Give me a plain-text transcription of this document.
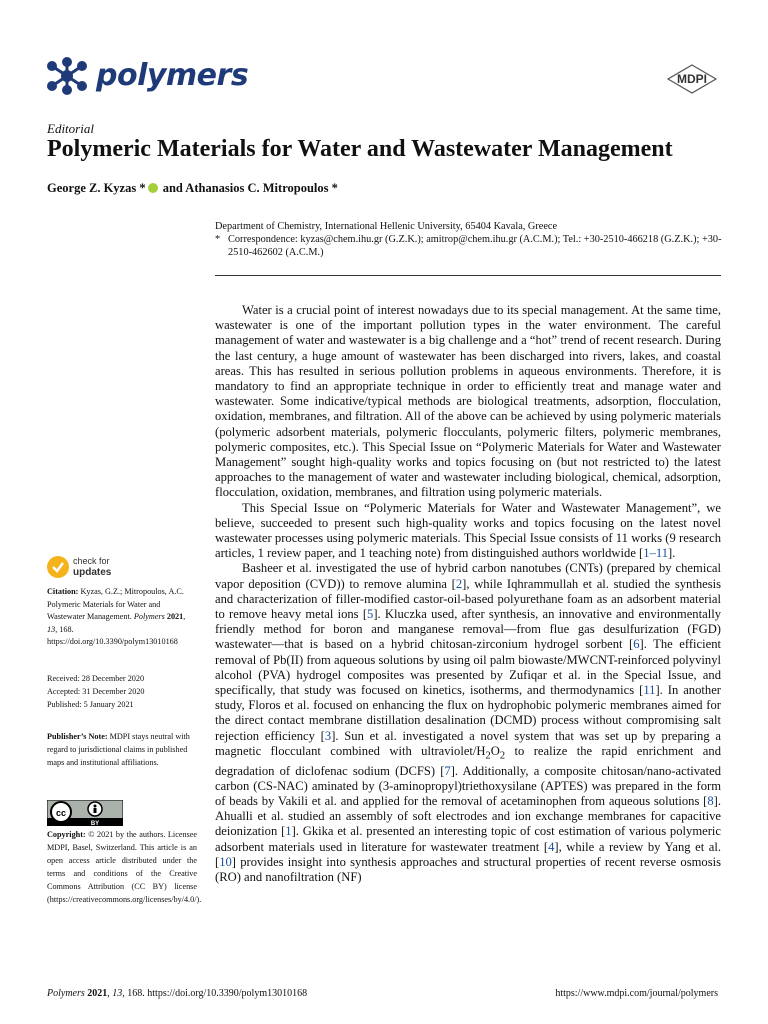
polymers	MDPI
Editorial
Polymeric Materials for Water and Wastewater Management
George Z. Kyzas * and Athanasios C. Mitropoulos *
Department of Chemistry, International Hellenic University, 65404 Kavala, Greece
* Correspondence: kyzas@chem.ihu.gr (G.Z.K.); amitrop@chem.ihu.gr (A.C.M.); Tel.: +30-2510-466218 (G.Z.K.); +30-2510-462602 (A.C.M.)
check for
updates
Citation: Kyzas, G.Z.; Mitropoulos, A.C. Polymeric Materials for Water and Wastewater Management. Polymers 2021, 13, 168. https://doi.org/10.3390/polym13010168
Received: 28 December 2020
Accepted: 31 December 2020
Published: 5 January 2021
Publisher’s Note: MDPI stays neutral with regard to jurisdictional claims in published maps and institutional affiliations.
cc
BY
Copyright: © 2021 by the authors. Licensee MDPI, Basel, Switzerland. This article is an open access article distributed under the terms and conditions of the Creative Commons Attribution (CC BY) license (https://creativecommons.org/licenses/by/4.0/).

Water is a crucial point of interest nowadays due to its special management. At the same time, wastewater is one of the important pollution types in the water environment. The careful management of water and wastewater is a big challenge and a “hot” trend of recent research. During the last century, a huge amount of wastewater has been discharged into rivers, lakes, and coastal areas. This has resulted in serious pollution problems in aqueous environments. Therefore, it is mandatory to find an appropriate technique in order to efficiently treat and manage water and wastewater. Some indicative/typical methods are biological treatments, adsorption, flocculation, oxidation, membranes, and filtration. All of the above can be achieved by using polymeric materials (polymeric adsorbent materials, polymeric flocculants, polymeric filters, polymeric membranes, polymeric composites, etc.). This Special Issue on “Polymeric Materials for Water and Wastewater Management” sought high-quality works and topics focusing on (but not restricted to) the latest approaches to the management of water and wastewater including biological, chemical, adsorption, flocculation, oxidation, membranes, and filtration using polymeric materials.

This Special Issue on “Polymeric Materials for Water and Wastewater Management”, we believe, succeeded to present such high-quality works and topics focusing on the latest novel wastewater processes using polymeric materials. This Special Issue consists of 11 works (9 research articles, 1 review paper, and 1 teaching note) from distinguished authors worldwide [1–11].

Basheer et al. investigated the use of hybrid carbon nanotubes (CNTs) (prepared by chemical vapor deposition (CVD)) to remove alumina [2], while Iqhrammullah et al. studied the synthesis and characterization of filler-modified castor-oil-based polyurethane foam as an adsorbent material to remove heavy metal ions [5]. Kluczka used, after synthesis, an innovative and environmentally friendly method for boron and manganese removal—from flue gas desulfurization (FGD) wastewater—that is based on a hybrid chitosan-zirconium hydrogel sorbent [6]. The efficient removal of Pb(II) from aqueous solutions by using oil palm biowaste/MWCNT-reinforced polyvinyl alcohol (PVA) hydrogel composites was presented by Zufiqar et al. in the Special Issue, and specifically, that study was focused on kinetics, isotherms, and thermodynamics [11]. In another study, Floros et al. focused on enhancing the flux on hydrophobic polymeric membranes aimed for the direct contact membrane distillation desalination (DCMD) process without compromising salt rejection efficiency [3]. Sun et al. investigated a novel system that was set up by preparing a magnetic flocculant combined with ultraviolet/$H_2O_2$ to realize the rapid enrichment and degradation of diclofenac sodium (DCFS) [7]. Additionally, a composite chitosan/nano-activated carbon (CS-NAC) aminated by (3-aminopropyl)triethoxysilane (APTES) was prepared in the form of beads by Vakili et al. and applied for the removal of acetaminophen from aqueous solutions [8]. Ahualli et al. studied an assembly of soft electrodes and ion exchange membranes for capacitive deionization [1]. Gkika et al. presented an interesting topic of cost estimation of various polymeric adsorbent materials used in literature for wastewater treatment [4], while a review by Yang et al. [10] provides insight into synthesis approaches and structural properties of recent reverse osmosis (RO) and nanofiltration (NF)

Polymers 2021, 13, 168. https://doi.org/10.3390/polym13010168	https://www.mdpi.com/journal/polymers
